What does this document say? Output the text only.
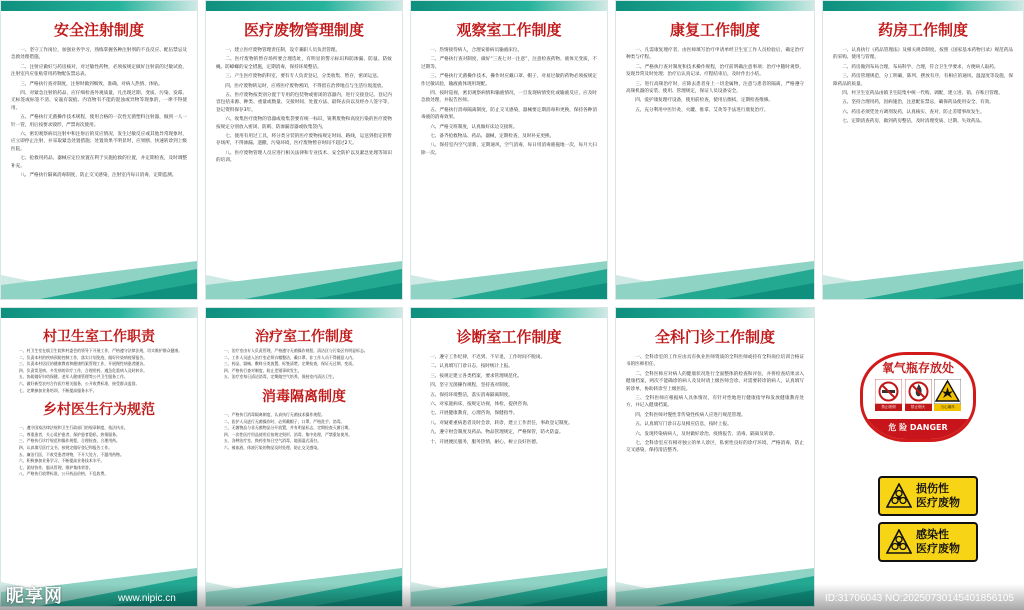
安全注射制度

一、坚守工作岗位，加强业务学习，熟练掌握各种注射剂的不良反应、配伍禁忌及急救处理措施。

二、注射应做好与药房核对，对过敏性药物，必须按规定做好注射前的过敏试验，注射室内应张贴常用药物配伍禁忌表。

三、严格执行查对制度，注射时做到细致、准确，对病人热情、体贴。

四、对紧急注射的药品，应仔细检查外观质量，凡出现过期、变质、污染、发霉、无标签或标签不清、安瓿有裂痕、内容物有不能的混浊或异物等现象的，一律不得使用。

五、严格执行无菌操作技术规程，使用合格的一次性无菌塑料注射器，做到一人一针一管，用后按要求毁形，严禁再次使用。

六、密切观察病员注射中和注射后的反应情况，发生过敏反应或其他异常现象时，应立即停止注射，并采取紧急处置措施；处置效果不明显时，应果断、快速转诊到上级医院。

七、抢救用药品、器械应定位放置在利于实施抢救的位置，并定期检查，及时调整补充。

八、严格执行隔离消毒制度，防止交叉感染，注射室内每日消毒，定期监测。

医疗废物管理制度

一、建立医疗废物管理责任制，设专兼职人员负责管理。

二、医疗废物的暂存场所要合理选址，有明显的警示标识和防渗漏、防鼠、防蚊蝇、防蟑螂的安全措施，定期消毒，保持环境整洁。

三、产生医疗废物的科室，要有专人负责登记，分类收集、暂存，密闭运送。

四、医疗废物转运时，应将医疗废物密闭，不得留在治涉地点与生活垃圾混放。

五、医疗废物按类别分置于专用的包装物或密闭的容器内，进行交接登记。登记内容包括来源、种类、重量或数量、交接时间、处置方法、最终去向以及经办人签字等，登记资料保存3年。

六、收集医疗废物的容器或收集袋要有统一标识，锐利废物和高度污染的医疗废物按规定分别放入密闭、防刺、防渗漏容器或收集袋内。

七、使用有用过工具，将分类分装的医疗废物按规定时间、路线，运送到指定的暂存场所，不得渗漏、遗撒，污染环境，医疗废物暂存时间不超过2天。

八、医疗废物管理人员应进行相关法律和专业技术、安全防护以及紧急处理等知识的培训。

观察室工作制度

一、热情接待病人，合理安排病员输液床位。

二、严格执行查对制度，做好“三查七对一注意”，注意检查药物、液体无变质，不过期等。

三、严格执行无菌操作技术，操作时应戴口罩、帽子，对易过敏的药物必须按规定作过敏试验，输液液体现用现配。

四、按时巡视，密切观察病情和输液情况，一旦发现病情变化或输液反应，应及时急救处理，并报告医师。

五、严格执行消毒隔离制度，防止交叉感染，器械要定期消毒和更换，保持各种消毒液的消毒效果。

六、严格交班制度，认真做好床边交接班。

七、备齐抢救物品、药品、器械，定期检查，及时补充更换。

八、保持室内空气清新，定期通风，空气消毒，每日用消毒液拖地一次，每月大扫除一次。

康复工作制度

一、凡需康复理疗者，由医师填写治疗申请单经卫生室工作人员检验后，确定治疗种类与疗程。

二、严格执行查对制度和技术操作规程，治疗前明确注意事项；治疗中随时观察，发现异常及时处理；治疗后认真记录、疗程结束后，及时作出小结。

三、进行高频治疗时，应除去患者身上一切金属物，注意与患者的隔离，严格遵守高频机器的安装、使用、管理规定，保证人员设备安全。

四、爱护康复理疗设备，使用前检查，使用后擦拭，定期检查维修。

五、充分利用中医针灸、火罐、推拿、艾灸等手法进行康复治疗。

药房工作制度

一、认真执行《药品管理法》及相关规章制度。按照《国家基本药物目录》规范药品的采购、使用与管理。

二、药房做到布局合理，布局科学、合理，符合卫生学要求，方便病人取药。

三、药房管理规范，分工明确，陈列、摆放有序，有相应的通风、温湿度等设施，保障药品的质量。

四、村卫生室药品由镇卫生院集中统一代购、调配，建立进、销、存账目管理。

五、坚持合理用药，因病施治，注意配伍禁忌，确保药品使用安全、有效。

六、药房必须凭处方调剂发药，认真核实、查对，防止差错事故发生。

七、定期清查药房，做到药房整洁，及时清理变质、过期、失效药品。

村卫生室工作职责

一、村卫生室在镇卫生院和村委会的领导下开展工作，严格遵守法律法规，切实维护群众健康。

二、负责本村的疾病预防控制工作，落实计划免疫，做好传染病疫情报告。

三、负责本村居民的健康教育和健康档案管理工作，开展慢性病患者随访。

四、负责常见病、多发病的诊疗工作，合理用药，遇急危重病人及时转诊。

五、协助做好妇幼保健、老年人健康管理等公共卫生服务工作。

六、做好新型农村合作医疗相关服务，公开收费标准，接受群众监督。

七、定期参加业务培训，不断提高服务水平。

乡村医生行为规范

一、遵守国家法律法规和卫生行政部门的规章制度，依法执业。

二、尊重患者，关心爱护患者，保护患者隐私，热情服务。

三、严格执行诊疗规范和操作规程，合理检查、合理用药。

四、认真填写医疗文书，按规定做好登记和报告工作。

五、廉洁行医，不收受患者财物，不开大处方，不滥用药物。

六、积极参加业务学习，不断提高业务技术水平。

七、团结协作，服从管理，维护集体荣誉。

八、严格执行收费标准，公开药品价格，不乱收费。

治疗室工作制度

一、治疗室由专人负责管理，严格遵守无菌操作规程，清洁区与污染区有明显标志。

二、工作人员进入治疗室必须衣帽整洁，戴口罩，非工作人员不得随意入内。

三、药品、器械、敷料分类放置，标签清楚，定期检查，保证无过期、变质。

四、严格执行查对制度，防止差错事故发生。

五、治疗室每日清洁消毒，定期做空气培养，保持室内清洁卫生。

消毒隔离制度

一、严格执行消毒隔离制度，认真执行无菌技术操作规程。

二、医护人员进行无菌操作时，必须戴帽子、口罩，严格洗手、消毒。

三、无菌物品与非无菌物品分开放置，并有明显标志，定期检查灭菌日期。

四、一次性医疗用品使用后按规定毁形、消毒，集中处理，严禁重复使用。

五、各种治疗室、换药室每日空气消毒，地面湿式清扫。

六、被血液、体液污染的物品及时处理，防止交叉感染。

诊断室工作制度

一、遵守工作纪律，不迟到，不早退，工作时间不脱岗。

二、认真填写门诊日志，按时统计上报。

三、按规定建立各类档案，要求管理规范化。

四、坚守无菌操作规程，坚持查对制度。

五、保持环境整洁，落实消毒隔离制度。

六、对家庭病床，按规定访视，体检，提供咨询。

七、开展健康教育，心理咨询，保健指导。

八、对疑难重病患者及时会诊，转诊，建立工作责任，事故登记制度。

九、遵守财会制度及药品、物品管理规定，严格保管，防火防盗。

十、开展便民服务，服务热情，耐心，树立良好医德。

全科门诊工作制度

一、全科诊室的工作应由具有执业医师资质的全科医师或持有全科岗位培训合格证书的医师担任。

二、全科医师应对病人的健康状况进行全面整体的检查和评估，并将检查结果录入健康档案，两次不能确诊的病人及及时请上级医师会诊。对需要转诊的病人，认真填写转诊单，协助转诊至上级医院。

三、全科医师应根据病人具体情况，有针对性地进行健康指导和发放健康教育处方，并记入健康档案。

四、全科医师对慢性非传染性疾病人应进行规范管理。

五、认真填写门诊日志及相应信息，按时上报。

六、发现传染病病人，及时做好诊治、疫情报告、消毒、隔离及转诊。

七、全科诊室应有相对独立的单人诊区，私密性良好的诊疗环境，严格消毒，防止交叉感染，保持清洁整齐。

氧气瓶存放处
禁止吸烟	禁止烟火	当心爆炸
危 险 DANGER
损伤性
医疗废物
感染性
医疗废物
昵享网	www.nipic.cn	ID:31706043 NO:20250730145401856105
